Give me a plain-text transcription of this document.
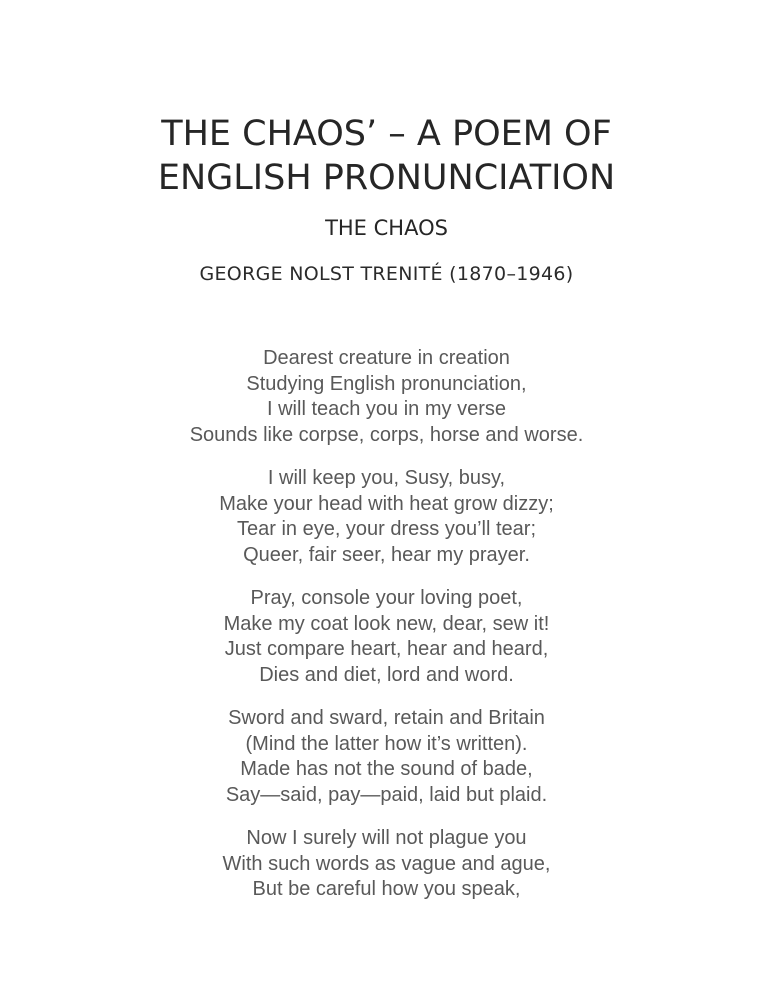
THE CHAOS’ – A POEM OF
ENGLISH PRONUNCIATION
THE CHAOS

GEORGE NOLST TRENITÉ (1870–1946)

Dearest creature in creation
Studying English pronunciation,
I will teach you in my verse
Sounds like corpse, corps, horse and worse.
I will keep you, Susy, busy,
Make your head with heat grow dizzy;
Tear in eye, your dress you’ll tear;
Queer, fair seer, hear my prayer.
Pray, console your loving poet,
Make my coat look new, dear, sew it!
Just compare heart, hear and heard,
Dies and diet, lord and word.
Sword and sward, retain and Britain
(Mind the latter how it’s written).
Made has not the sound of bade,
Say—said, pay—paid, laid but plaid.
Now I surely will not plague you
With such words as vague and ague,
But be careful how you speak,
